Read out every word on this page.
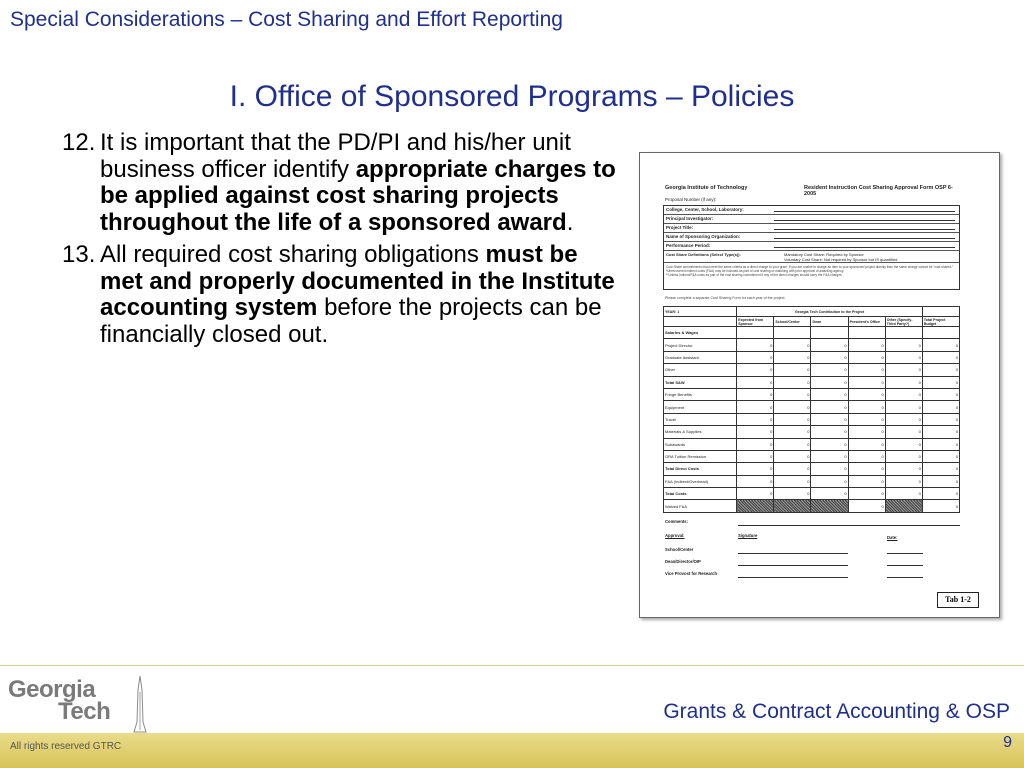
Special Considerations – Cost Sharing and Effort Reporting
I. Office of Sponsored Programs – Policies
12. It is important that the PD/PI and his/her unit business officer identify appropriate charges to be applied against cost sharing projects throughout the life of a sponsored award.
13. All required cost sharing obligations must be met and properly documented in the Institute accounting system before the projects can be financially closed out.
Georgia Institute of Technology	Resident Instruction Cost Sharing Approval Form OSP 6-2005
Proposal Number (if any):
College, Center, School, Laboratory:
Principal Investigator:
Project Title:
Name of Sponsoring Organization:
Performance Period:
Cost Share Definitions (Select Type(s)):	Mandatory Cost Share: Required by Sponsor
Voluntary Cost Share: Not required by Sponsor but IS quantified
Cost Share commitments must meet the same criteria as a direct charge to your grant. If you are unable to charge an item to your sponsored project directly than the same charge cannot be "cost shared."
*Unrecovered indirect costs (F&A) may be included as part of cost sharing or matching with prior approval of awarding agency.
**Unless Indirect/F&A costs as part of the cost sharing commitment if any of the direct charges should carry the F&A charges.
Please complete a separate Cost Sharing Form for each year of the project.
YEAR: 1	Georgia Tech Contribution to the Project					
	Expected from Sponsor	School/Center	Dean	President's Office	Other (Specify-Third Party?)	Total Project Budget
Salaries & Wages						
Project Director	0	0	0	0	0	0
Graduate Assistant	0	0	0	0	0	0
Other	0	0	0	0	0	0
Total S&W	0	0	0	0	0	0
Fringe Benefits	0	0	0	0	0	0
Equipment	0	0	0	0	0	0
Travel	0	0	0	0	0	0
Materials & Supplies	0	0	0	0	0	0
Subawards	0	0	0	0	0	0
GRA Tuition Remission	0	0	0	0	0	0
Total Direct Costs	0	0	0	0	0	0
F&A (Indirect/Overhead)	0	0	0	0	0	0
Total Costs	0	0	0	0	0	0
Waived F&A				0		0
Comments:
Approval:	Signature	Date:
School/Center
Dean/Director/OIP
Vice Provost for Research
Tab 1-2
Georgia
Tech	Grants & Contract Accounting & OSP
All rights reserved GTRC	9
